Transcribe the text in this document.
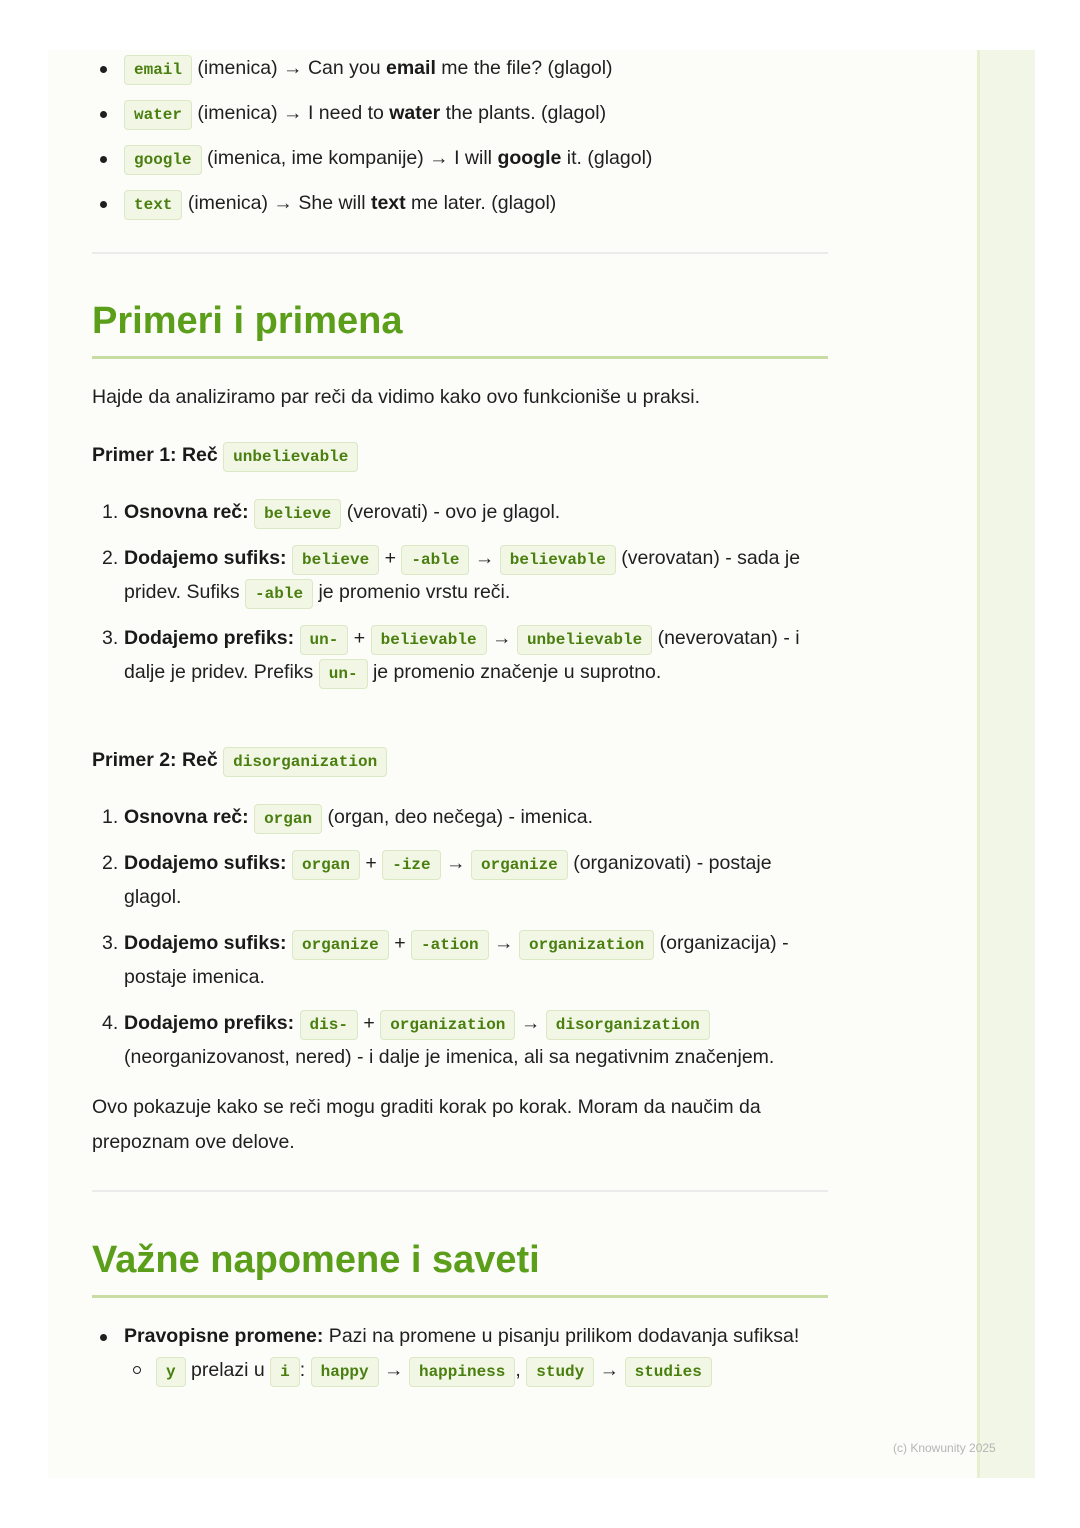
email (imenica) → Can you email me the file? (glagol)
water (imenica) → I need to water the plants. (glagol)
google (imenica, ime kompanije) → I will google it. (glagol)
text (imenica) → She will text me later. (glagol)
Primeri i primena
Hajde da analiziramo par reči da vidimo kako ovo funkcioniše u praksi.
Primer 1: Reč unbelievable
1. Osnovna reč: believe (verovati) - ovo je glagol.
2. Dodajemo sufiks: believe + -able → believable (verovatan) - sada je pridev. Sufiks -able je promenio vrstu reči.
3. Dodajemo prefiks: un- + believable → unbelievable (neverovatan) - i dalje je pridev. Prefiks un- je promenio značenje u suprotno.
Primer 2: Reč disorganization
1. Osnovna reč: organ (organ, deo nečega) - imenica.
2. Dodajemo sufiks: organ + -ize → organize (organizovati) - postaje glagol.
3. Dodajemo sufiks: organize + -ation → organization (organizacija) - postaje imenica.
4. Dodajemo prefiks: dis- + organization → disorganization (neorganizovanost, nered) - i dalje je imenica, ali sa negativnim značenjem.
Ovo pokazuje kako se reči mogu graditi korak po korak. Moram da naučim da prepoznam ove delove.
Važne napomene i saveti
Pravopisne promene: Pazi na promene u pisanju prilikom dodavanja sufiksa!
y prelazi u i : happy → happiness , study → studies
(c) Knowunity 2025
